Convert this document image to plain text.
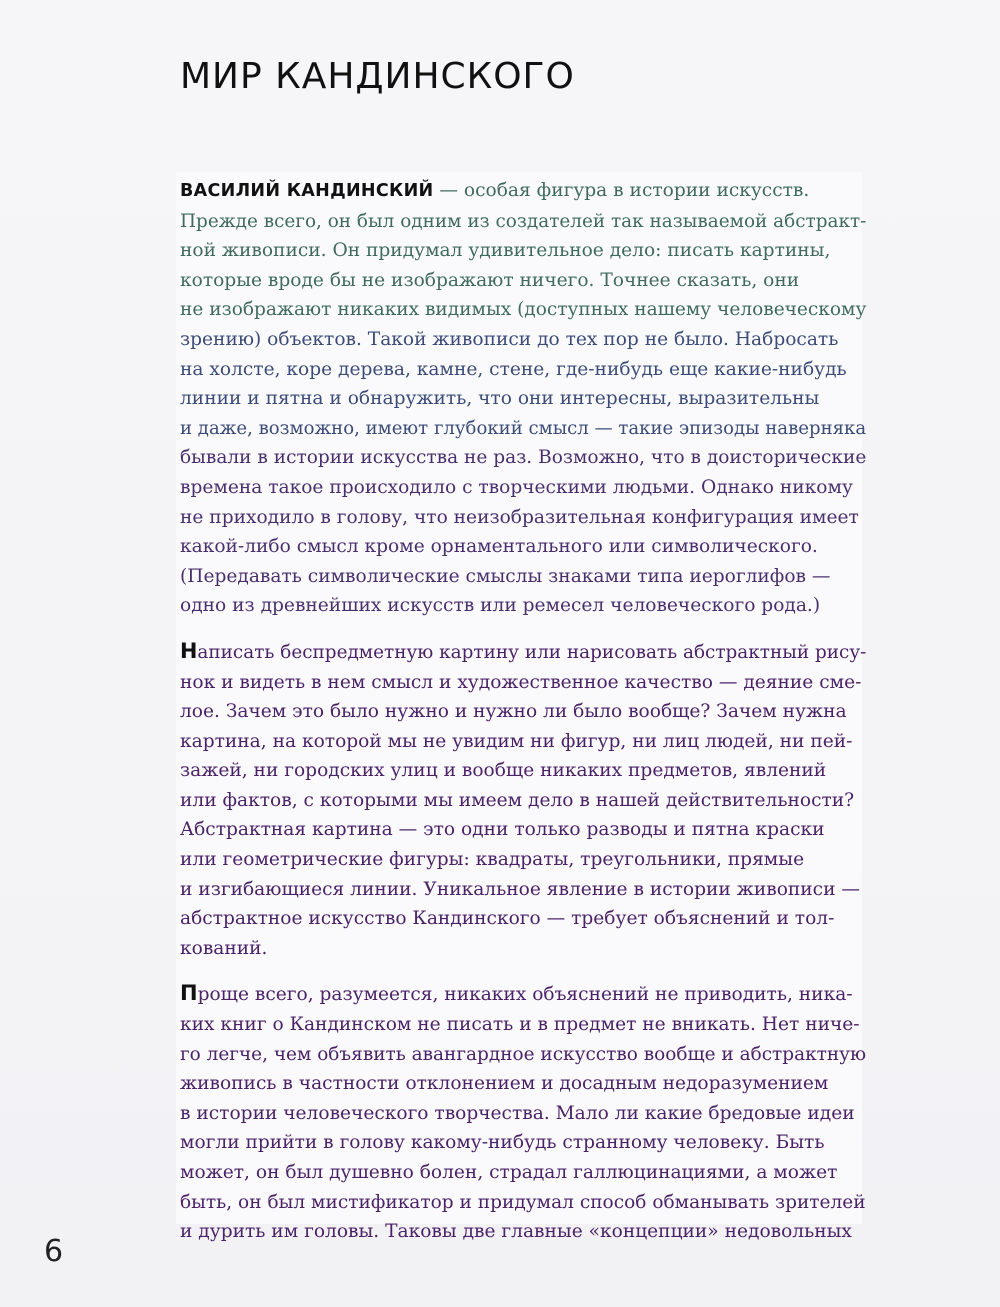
МИР КАНДИНСКОГО

ВАСИЛИЙ КАНДИНСКИЙ — особая фигура в истории искусств.
Прежде всего, он был одним из создателей так называемой абстракт-
ной живописи. Он придумал удивительное дело: писать картины,
которые вроде бы не изображают ничего. Точнее сказать, они
не изображают никаких видимых (доступных нашему человеческому
зрению) объектов. Такой живописи до тех пор не было. Набросать
на холсте, коре дерева, камне, стене, где-нибудь еще какие-нибудь
линии и пятна и обнаружить, что они интересны, выразительны
и даже, возможно, имеют глубокий смысл — такие эпизоды наверняка
бывали в истории искусства не раз. Возможно, что в доисторические
времена такое происходило с творческими людьми. Однако никому
не приходило в голову, что неизобразительная конфигурация имеет
какой-либо смысл кроме орнаментального или символического.
(Передавать символические смыслы знаками типа иероглифов —
одно из древнейших искусств или ремесел человеческого рода.)

Написать беспредметную картину или нарисовать абстрактный рису-
нок и видеть в нем смысл и художественное качество — деяние сме-
лое. Зачем это было нужно и нужно ли было вообще? Зачем нужна
картина, на которой мы не увидим ни фигур, ни лиц людей, ни пей-
зажей, ни городских улиц и вообще никаких предметов, явлений
или фактов, с которыми мы имеем дело в нашей действительности?
Абстрактная картина — это одни только разводы и пятна краски
или геометрические фигуры: квадраты, треугольники, прямые
и изгибающиеся линии. Уникальное явление в истории живописи —
абстрактное искусство Кандинского — требует объяснений и тол-
кований.

Проще всего, разумеется, никаких объяснений не приводить, ника-
ких книг о Кандинском не писать и в предмет не вникать. Нет ниче-
го легче, чем объявить авангардное искусство вообще и абстрактную
живопись в частности отклонением и досадным недоразумением
в истории человеческого творчества. Мало ли какие бредовые идеи
могли прийти в голову какому-нибудь странному человеку. Быть
может, он был душевно болен, страдал галлюцинациями, а может
быть, он был мистификатор и придумал способ обманывать зрителей
и дурить им головы. Таковы две главные «концепции» недовольных

6
